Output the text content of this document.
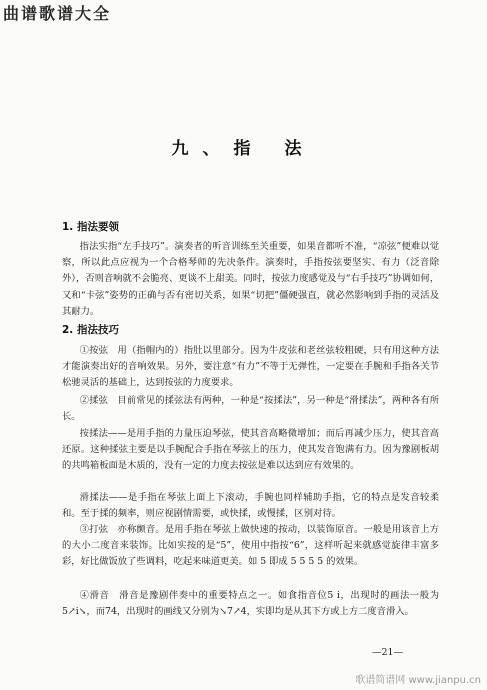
曲谱歌谱大全
九、指 法
1. 指法要领
指法实指“左手技巧”。演奏者的听音训练至关重要，如果音都听不准，“凉弦”便难以觉察，所以此点应视为一个合格琴师的先决条件。演奏时，手指按弦要坚实、有力（泛音除外），否则音响就不会脆亮、更谈不上甜美。同时，按弦力度感觉及与“右手技巧”协调如何，又和“卡弦”姿势的正确与否有密切关系，如果“切把”僵硬强直，就必然影响到手指的灵活及其耐力。
2. 指法技巧
①按弦　用（指帽内的）指肚以里部分。因为牛皮弦和老丝弦较粗硬，只有用这种方法才能演奏出好的音响效果。另外，要注意“有力”不等于无弹性，一定要在手腕和手指各关节松驰灵活的基础上，达到按弦的力度要求。
②揉弦　目前常见的揉弦法有两种，一种是“按揉法”，另一种是“滑揉法”，两种各有所长。
按揉法——是用手指的力量压迫琴弦，使其音高略微增加；而后再减少压力，使其音高还原。这种揉弦主要是以手腕配合手指在琴弦上的压力，使其发音饱满有力。因为豫剧板胡的共鸣箱板面是木质的，没有一定的力度去按弦是难以达到应有效果的。
滑揉法——是手指在琴弦上面上下滚动，手腕也同样辅助手指，它的特点是发音较柔和。至于揉的频率，则应视剧情需要，或快揉，或慢揉，区别对待。
③打弦　亦称颤音。是用手指在琴弦上做快速的按动，以装饰原音。一般是用该音上方的大小二度音来装饰。比如实按的是“5”，使用中指按“6”，这样听起来就感觉旋律丰富多彩，好比做饭放了些调料，吃起来味道更美。如 5 即成 5 5 5 5 的效果。
④滑音　滑音是豫剧伴奏中的重要特点之一。如食指音位5 i，出现时的画法一般为5↗i↘，而74，出现时的画线又分别为↘7↗4，实即均是从其下方或上方二度音滑入。
—21—
歌谱简谱网 www.jianpu.cn
